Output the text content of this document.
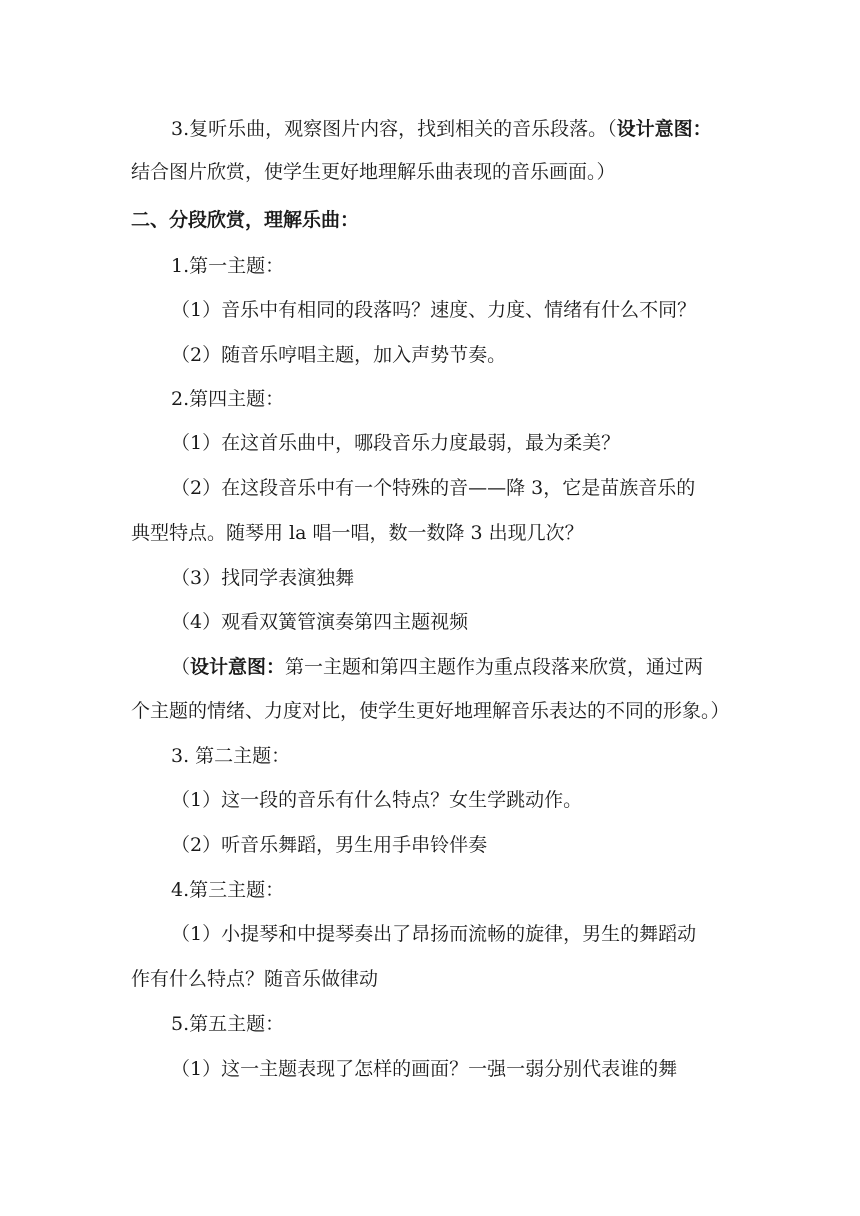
3.复听乐曲，观察图片内容，找到相关的音乐段落。（设计意图：
结合图片欣赏，使学生更好地理解乐曲表现的音乐画面。）
二、分段欣赏，理解乐曲：
1.第一主题：
（1）音乐中有相同的段落吗？速度、力度、情绪有什么不同？
（2）随音乐哼唱主题，加入声势节奏。
2.第四主题：
（1）在这首乐曲中，哪段音乐力度最弱，最为柔美？
（2）在这段音乐中有一个特殊的音——降 3，它是苗族音乐的
典型特点。随琴用 la 唱一唱，数一数降 3 出现几次？
（3）找同学表演独舞
（4）观看双簧管演奏第四主题视频
（设计意图：第一主题和第四主题作为重点段落来欣赏，通过两
个主题的情绪、力度对比，使学生更好地理解音乐表达的不同的形象。）
3. 第二主题：
（1）这一段的音乐有什么特点？女生学跳动作。
（2）听音乐舞蹈，男生用手串铃伴奏
4.第三主题：
（1）小提琴和中提琴奏出了昂扬而流畅的旋律，男生的舞蹈动
作有什么特点？随音乐做律动
5.第五主题：
（1）这一主题表现了怎样的画面？一强一弱分别代表谁的舞
